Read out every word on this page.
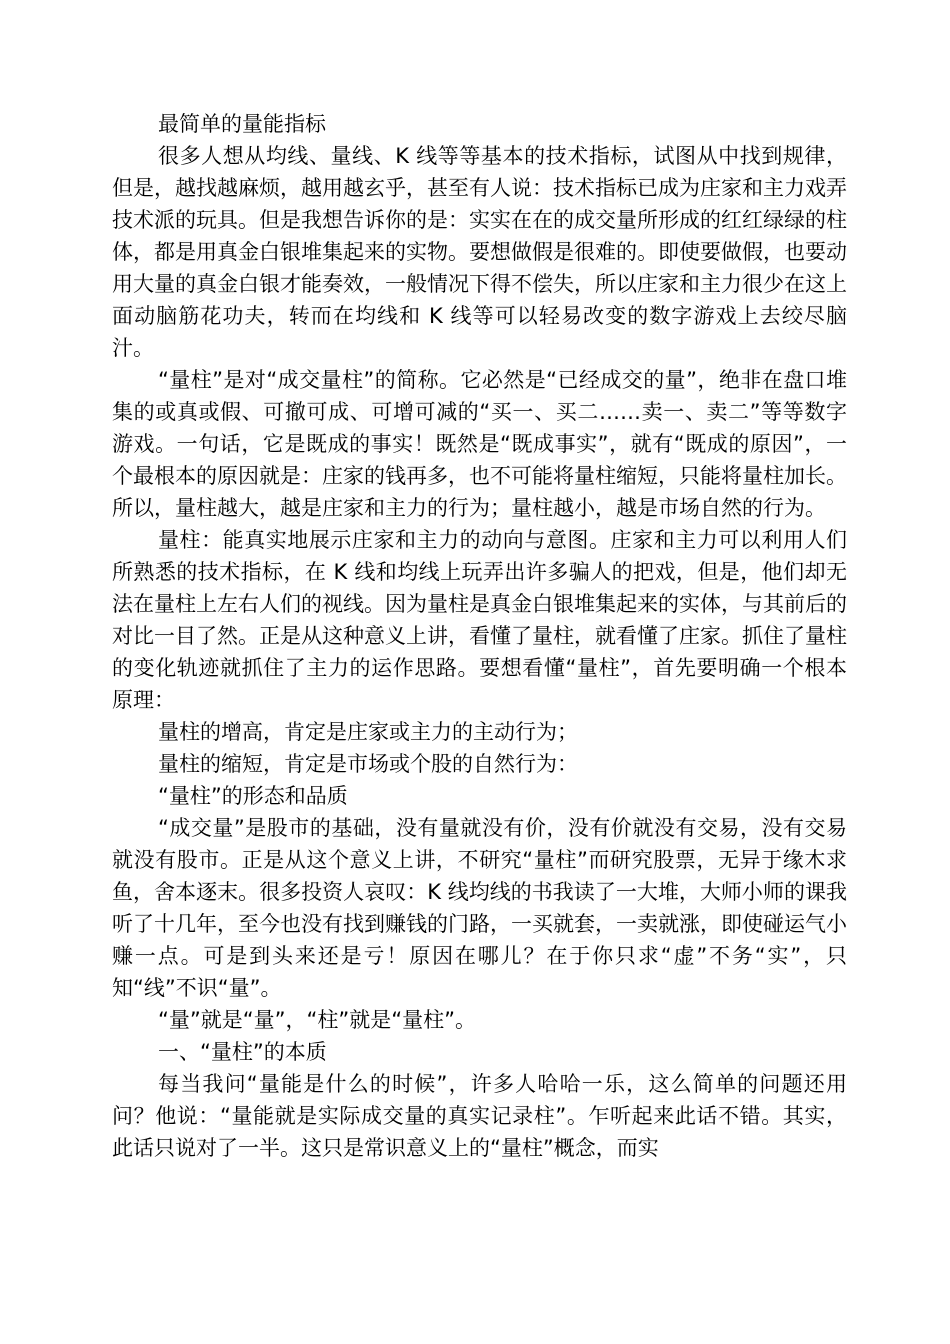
最简单的量能指标

很多人想从均线、量线、K 线等等基本的技术指标，试图从中找到规律，但是，越找越麻烦，越用越玄乎，甚至有人说：技术指标已成为庄家和主力戏弄技术派的玩具。但是我想告诉你的是：实实在在的成交量所形成的红红绿绿的柱体，都是用真金白银堆集起来的实物。要想做假是很难的。即使要做假，也要动用大量的真金白银才能奏效，一般情况下得不偿失，所以庄家和主力很少在这上面动脑筋花功夫，转而在均线和 K 线等可以轻易改变的数字游戏上去绞尽脑汁。

“量柱”是对“成交量柱”的简称。它必然是“已经成交的量”，绝非在盘口堆集的或真或假、可撤可成、可增可减的“买一、买二……卖一、卖二”等等数字游戏。一句话，它是既成的事实！既然是“既成事实”，就有“既成的原因”，一个最根本的原因就是：庄家的钱再多，也不可能将量柱缩短，只能将量柱加长。所以，量柱越大，越是庄家和主力的行为；量柱越小，越是市场自然的行为。

量柱：能真实地展示庄家和主力的动向与意图。庄家和主力可以利用人们所熟悉的技术指标，在 K 线和均线上玩弄出许多骗人的把戏，但是，他们却无法在量柱上左右人们的视线。因为量柱是真金白银堆集起来的实体，与其前后的对比一目了然。正是从这种意义上讲，看懂了量柱，就看懂了庄家。抓住了量柱的变化轨迹就抓住了主力的运作思路。要想看懂“量柱”，首先要明确一个根本原理：

量柱的增高，肯定是庄家或主力的主动行为；

量柱的缩短，肯定是市场或个股的自然行为：

“量柱”的形态和品质

“成交量”是股市的基础，没有量就没有价，没有价就没有交易，没有交易就没有股市。正是从这个意义上讲，不研究“量柱”而研究股票，无异于缘木求鱼，舍本逐末。很多投资人哀叹：K 线均线的书我读了一大堆，大师小师的课我听了十几年，至今也没有找到赚钱的门路，一买就套，一卖就涨，即使碰运气小赚一点。可是到头来还是亏！原因在哪儿？在于你只求“虚”不务“实”，只知“线”不识“量”。

“量”就是“量”，“柱”就是“量柱”。

一、“量柱”的本质

每当我问“量能是什么的时候”，许多人哈哈一乐，这么简单的问题还用问？他说：“量能就是实际成交量的真实记录柱”。乍听起来此话不错。其实，此话只说对了一半。这只是常识意义上的“量柱”概念，而实
